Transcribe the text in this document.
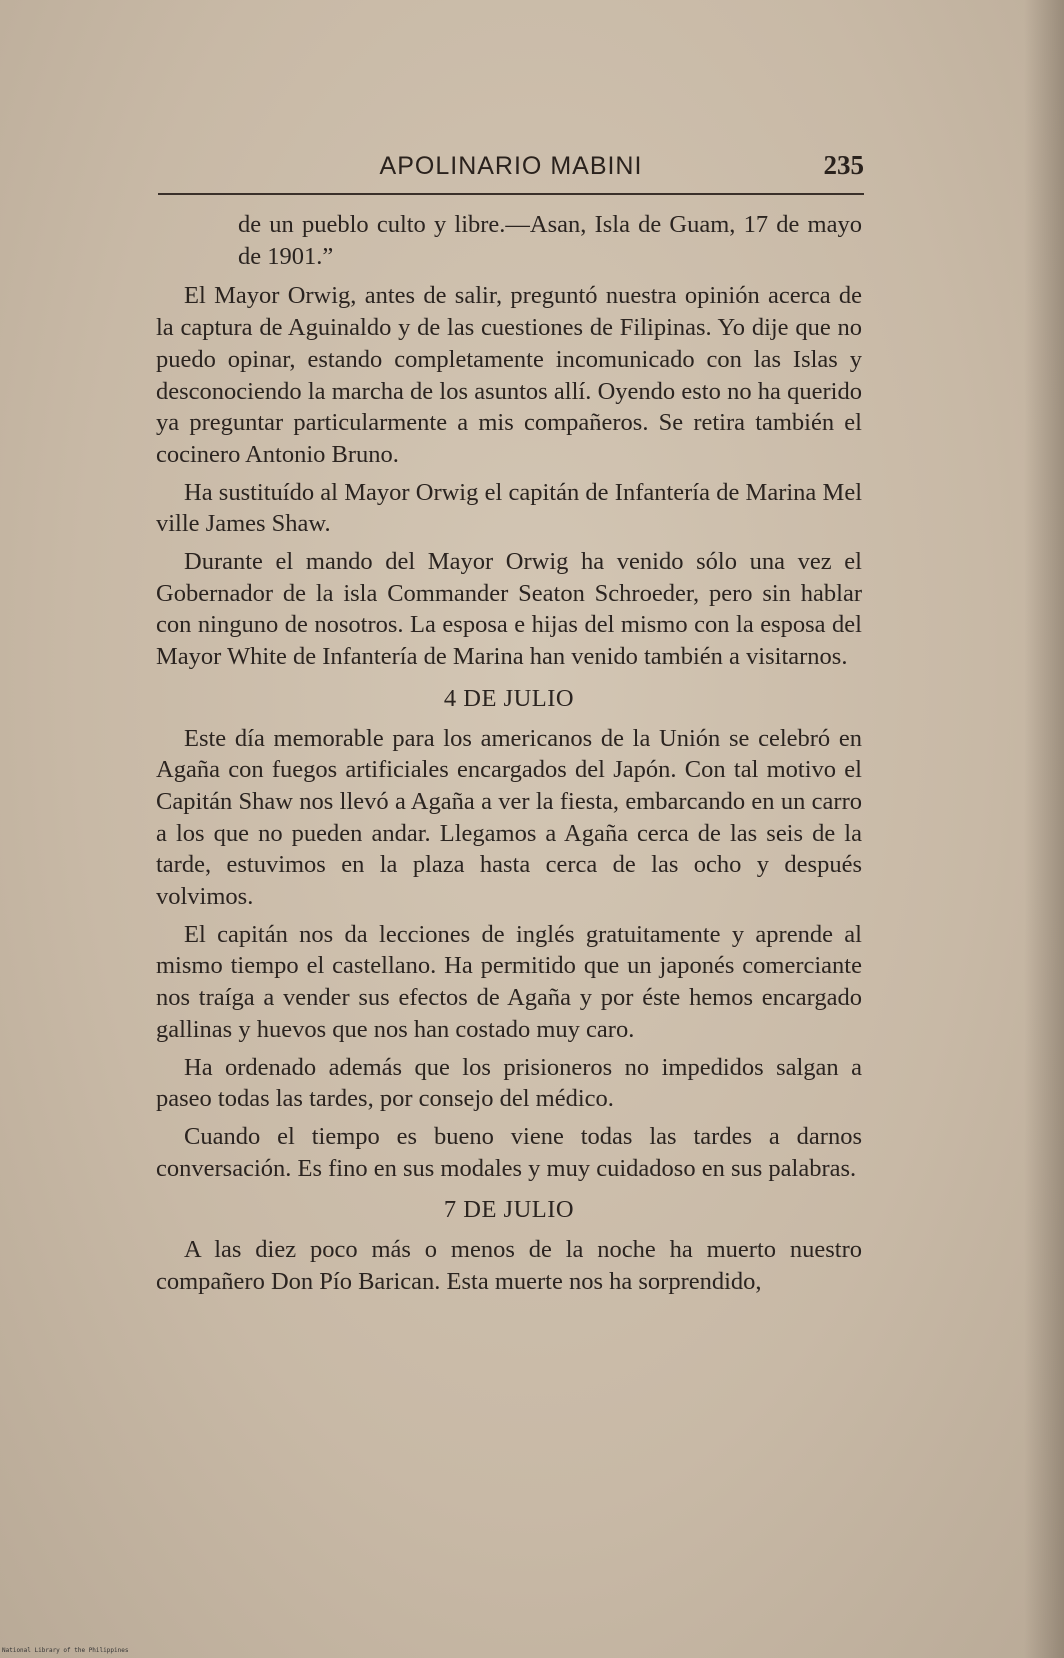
APOLINARIO MABINI	235

de un pueblo culto y libre.—Asan, Isla de Guam, 17 de mayo de 1901.”

El Mayor Orwig, antes de salir, preguntó nuestra opinión acerca de la captura de Aguinaldo y de las cuestiones de Filipinas. Yo dije que no puedo opinar, estando completamente incomunicado con las Islas y desconociendo la marcha de los asuntos allí. Oyendo esto no ha querido ya preguntar particularmente a mis compañeros. Se retira también el cocinero Antonio Bruno.

Ha sustituído al Mayor Orwig el capitán de Infantería de Marina Mel ville James Shaw.

Durante el mando del Mayor Orwig ha venido sólo una vez el Gobernador de la isla Commander Seaton Schroeder, pero sin hablar con ninguno de nosotros. La esposa e hijas del mismo con la esposa del Mayor White de Infantería de Marina han venido también a visitarnos.

4 DE JULIO

Este día memorable para los americanos de la Unión se celebró en Agaña con fuegos artificiales encargados del Japón. Con tal motivo el Capitán Shaw nos llevó a Agaña a ver la fiesta, embarcando en un carro a los que no pueden andar. Llegamos a Agaña cerca de las seis de la tarde, estuvimos en la plaza hasta cerca de las ocho y después volvimos.

El capitán nos da lecciones de inglés gratuitamente y aprende al mismo tiempo el castellano. Ha permitido que un japonés comerciante nos traíga a vender sus efectos de Agaña y por éste hemos encargado gallinas y huevos que nos han costado muy caro.

Ha ordenado además que los prisioneros no impedidos salgan a paseo todas las tardes, por consejo del médico.

Cuando el tiempo es bueno viene todas las tardes a darnos conversación. Es fino en sus modales y muy cuidadoso en sus palabras.

7 DE JULIO

A las diez poco más o menos de la noche ha muerto nuestro compañero Don Pío Barican. Esta muerte nos ha sorprendido,

National Library of the Philippines
